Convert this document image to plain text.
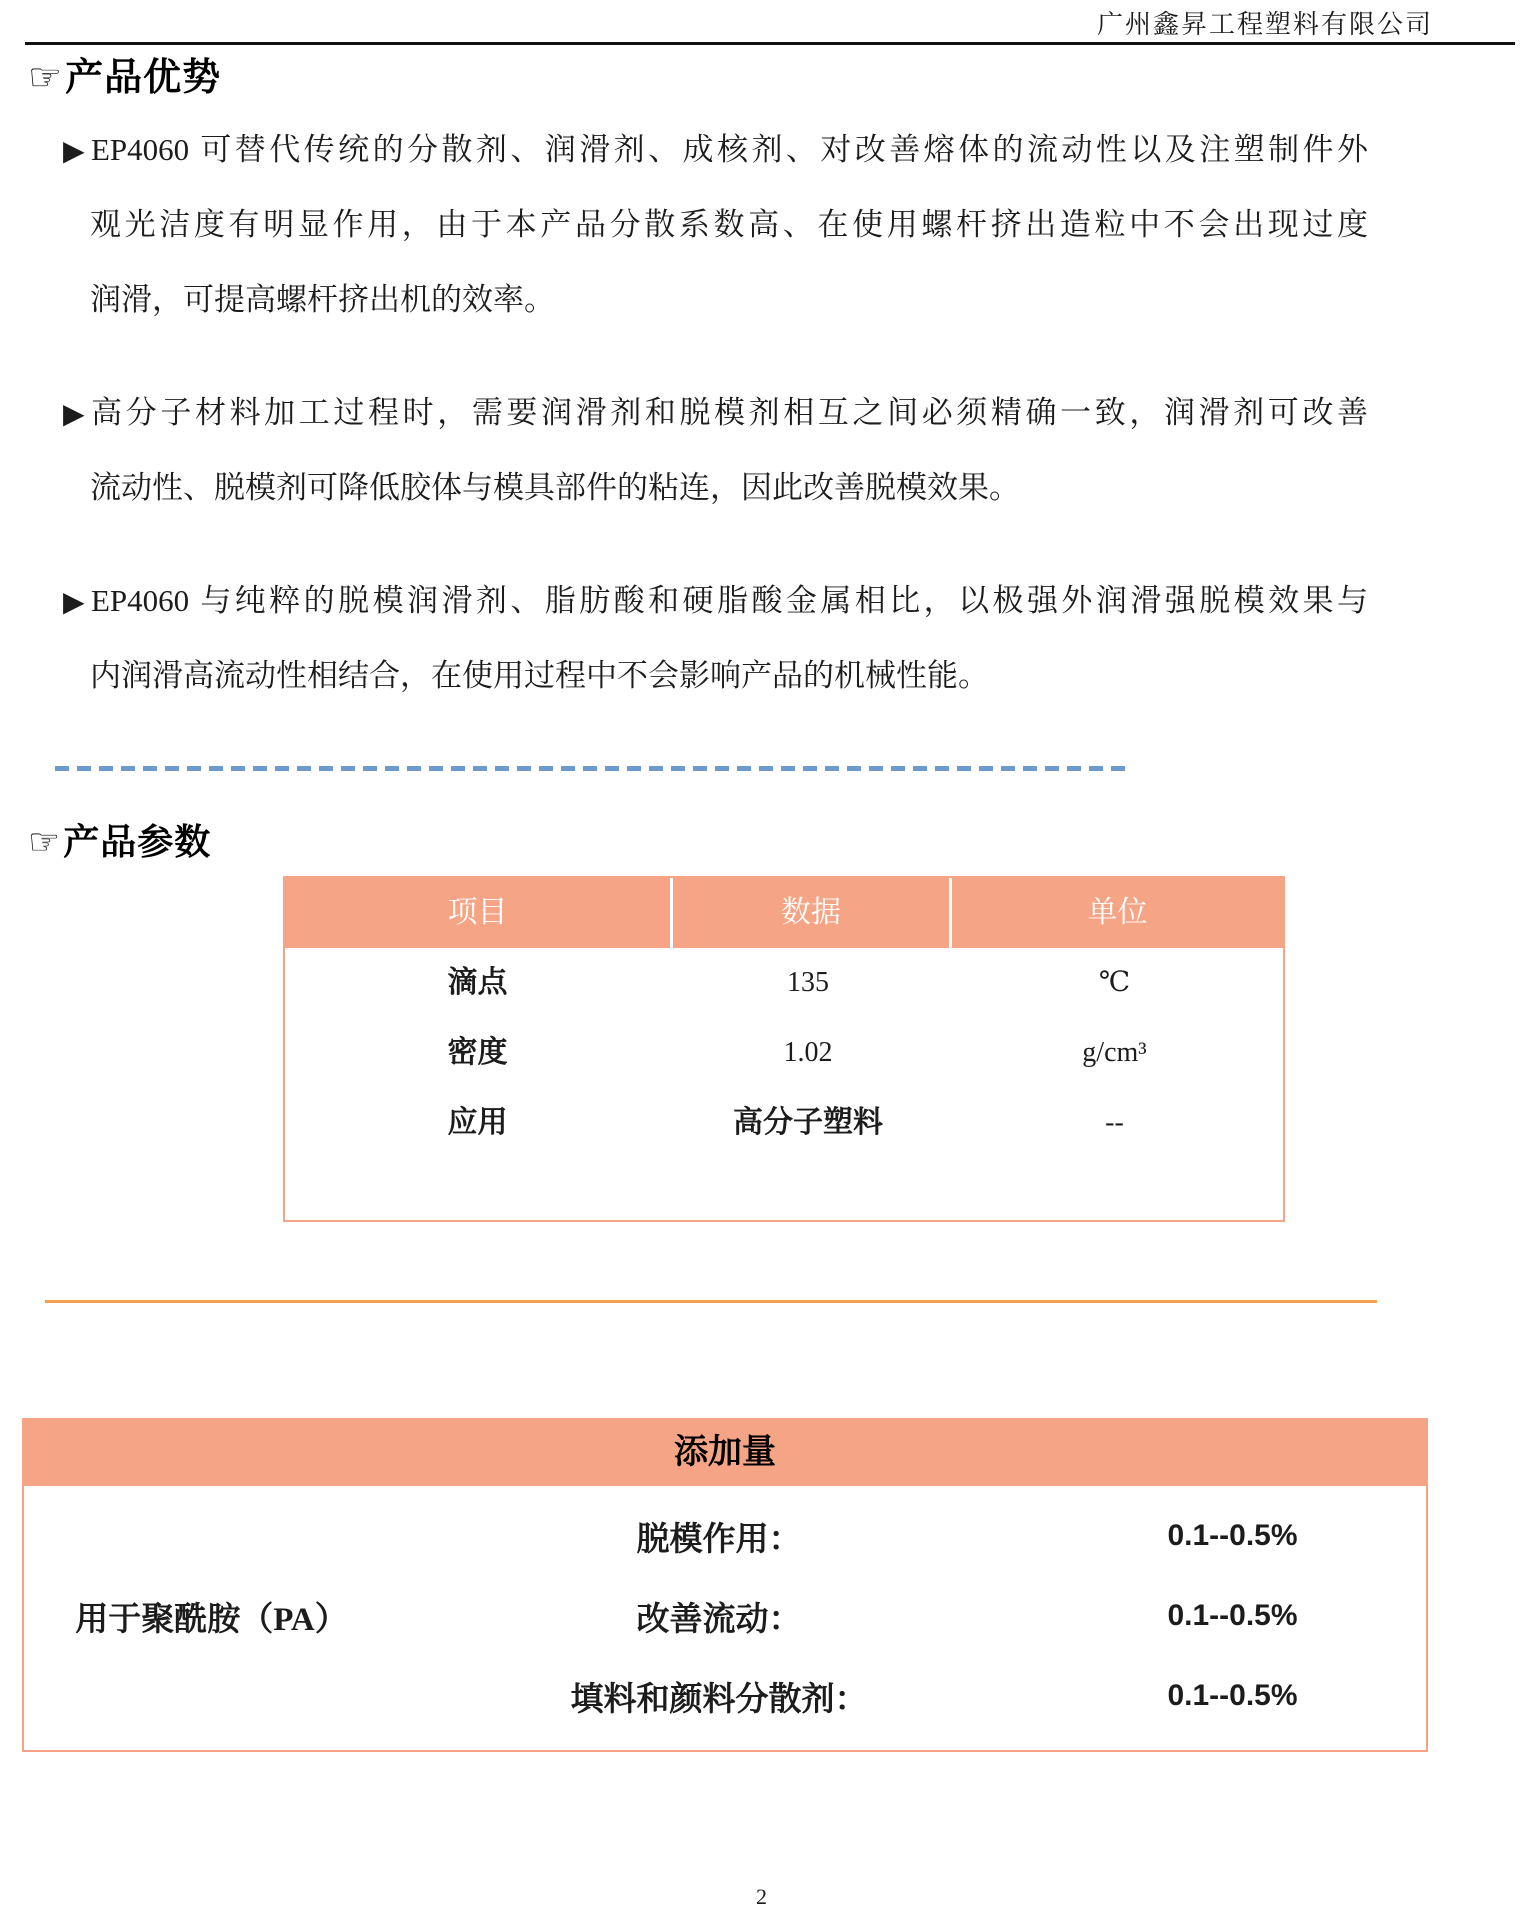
广州鑫昇工程塑料有限公司
☞产品优势
▶EP4060 可替代传统的分散剂、润滑剂、成核剂、对改善熔体的流动性以及注塑制件外
观光洁度有明显作用，由于本产品分散系数高、在使用螺杆挤出造粒中不会出现过度
润滑，可提高螺杆挤出机的效率。
▶高分子材料加工过程时，需要润滑剂和脱模剂相互之间必须精确一致，润滑剂可改善
流动性、脱模剂可降低胶体与模具部件的粘连，因此改善脱模效果。
▶EP4060 与纯粹的脱模润滑剂、脂肪酸和硬脂酸金属相比，以极强外润滑强脱模效果与
内润滑高流动性相结合，在使用过程中不会影响产品的机械性能。
☞产品参数
项目	数据	单位
滴点	135	℃
密度	1.02	g/cm³
应用	高分子塑料	--
添加量
用于聚酰胺（PA）
脱模作用：	0.1--0.5%
改善流动：	0.1--0.5%
填料和颜料分散剂：	0.1--0.5%
2
